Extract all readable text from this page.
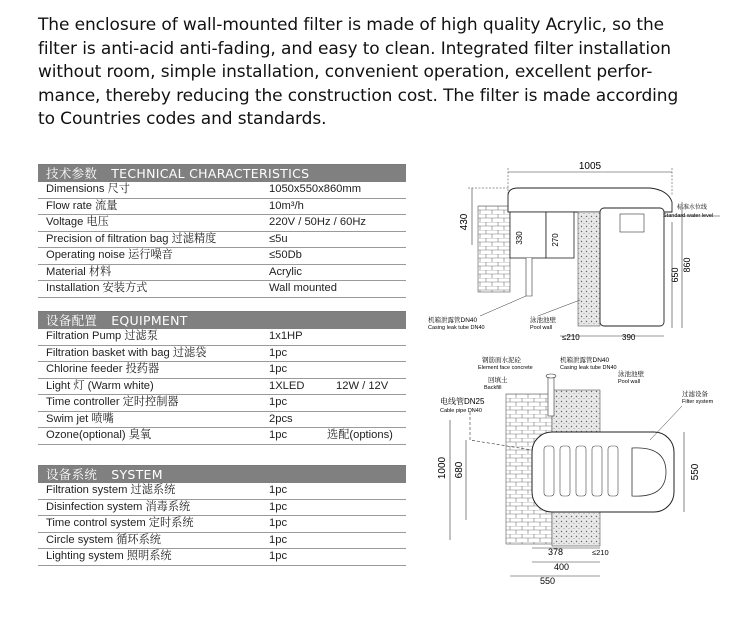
The enclosure of wall-mounted filter is made of high quality Acrylic, so the
filter is anti-acid anti-fading, and easy to clean. Integrated filter installation
without room, simple installation, convenient operation, excellent perfor-
mance, thereby reducing the construction cost. The filter is made according
to Countries codes and standards.
技术参数 TECHNICAL CHARACTERISTICS
Dimensions 尺寸	1050x550x860mm
Flow rate 流量	10m³/h
Voltage 电压	220V / 50Hz / 60Hz
Precision of filtration bag 过滤精度	≤5u
Operating noise 运行噪音	≤50Db
Material 材料	Acrylic
Installation 安装方式	Wall mounted
设备配置 EQUIPMENT
Filtration Pump 过滤泵	1x1HP
Filtration basket with bag 过滤袋	1pc
Chlorine feeder 投药器	1pc
Light 灯 (Warm white)	1XLED	12W / 12V
Time controller 定时控制器	1pc
Swim jet 喷嘴	2pcs
Ozone(optional) 臭氧	1pc	选配(options)
设备系统 SYSTEM
Filtration system 过滤系统	1pc
Disinfection system 消毒系统	1pc
Time control system 定时系统	1pc
Circle system 循环系统	1pc
Lighting system 照明系统	1pc
1005
430
330	270
标准水位线
Standard water level
650
860
机箱泄露管DN40
Casing leak tube DN40
泳池池壁
Pool wall
≤210	390
钢筋面水泥砼
Element face concrete
机箱泄露管DN40
Casing leak tube DN40
回填土
Backfill
泳池池壁
Pool wall
电线管DN25
Cable pipe DN40
过滤设备
Filter system
1000 680	550
378	≤210
400
550
